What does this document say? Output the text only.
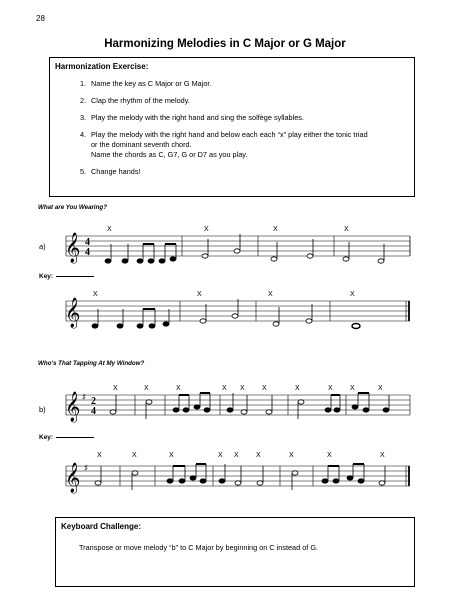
28
Harmonizing Melodies in C Major or G Major
Harmonization Exercise:
1. Name the key as C Major or G Major.
2. Clap the rhythm of the melody.
3. Play the melody with the right hand and sing the solfège syllables.
4. Play the melody with the right hand and below each each “x” play either the tonic triad
or the dominant seventh chord.
Name the chords as C, G7, G or D7 as you play.
5. Change hands!
What are You Wearing?
a)
Key:
𝄞 4
4
X	X	X	X
𝄞
X	X	X	X
𝄞 ♯ 2
4
X	X	X	X X X	X	X X	X
𝄞 ♯
X	X	X	X X X	X	X	X
Who’s That Tapping At My Window?
b)
Key:
Keyboard Challenge:
Transpose or move melody “b” to C Major by beginning on C instead of G.
